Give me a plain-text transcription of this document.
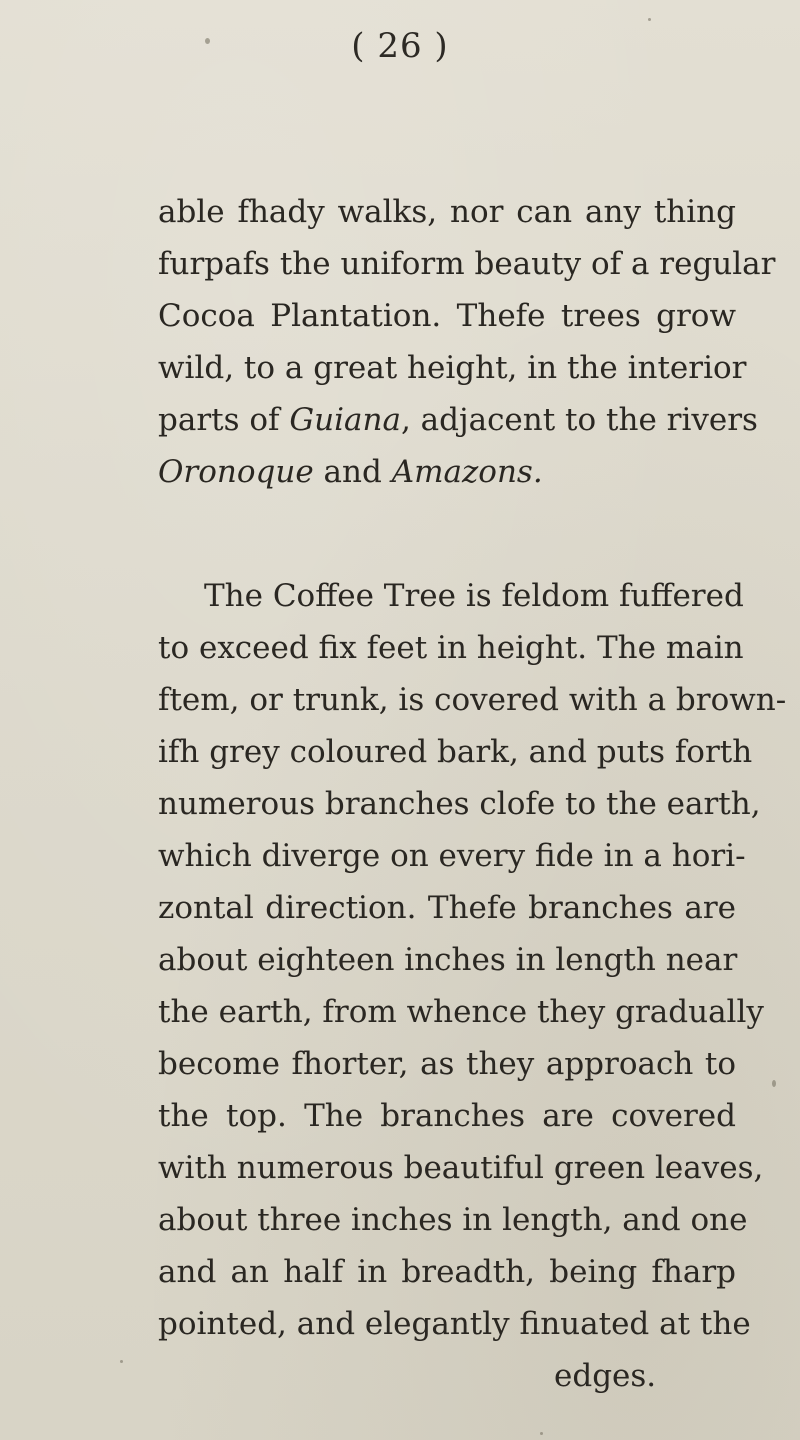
( 26 )
able fhady walks, nor can any thing
furpafs the uniform beauty of a regular
Cocoa Plantation. Thefe trees grow
wild, to a great height, in the interior
parts of Guiana, adjacent to the rivers
Oronoque and Amazons.
The Coffee Tree is feldom fuffered
to exceed fix feet in height. The main
ftem, or trunk, is covered with a brown-
ifh grey coloured bark, and puts forth
numerous branches clofe to the earth,
which diverge on every fide in a hori-
zontal direction. Thefe branches are
about eighteen inches in length near
the earth, from whence they gradually
become fhorter, as they approach to
the top. The branches are covered
with numerous beautiful green leaves,
about three inches in length, and one
and an half in breadth, being fharp
pointed, and elegantly finuated at the
edges.
